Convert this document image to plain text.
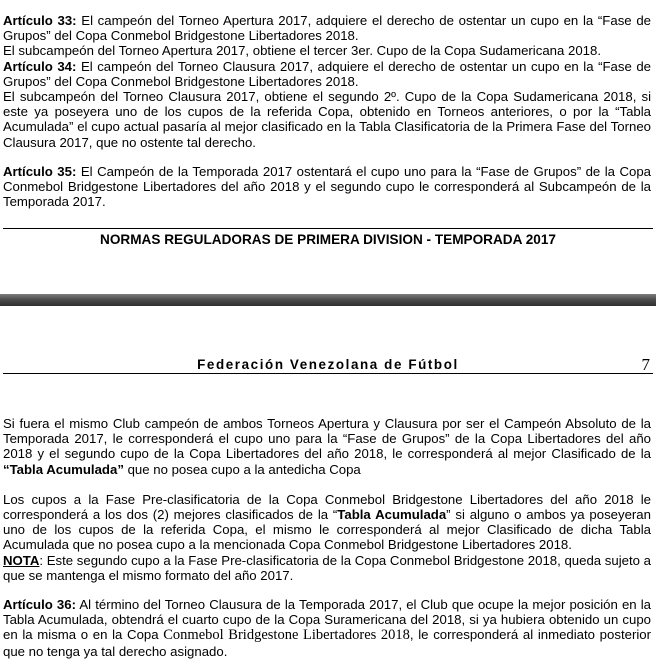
Artículo 33: El campeón del Torneo Apertura 2017, adquiere el derecho de ostentar un cupo en la “Fase de Grupos” del Copa Conmebol Bridgestone Libertadores 2018.

El subcampeón del Torneo Apertura 2017, obtiene el tercer 3er. Cupo de la Copa Sudamericana 2018.

Artículo 34: El campeón del Torneo Clausura 2017, adquiere el derecho de ostentar un cupo en la “Fase de Grupos” del Copa Conmebol Bridgestone Libertadores 2018.

El subcampeón del Torneo Clausura 2017, obtiene el segundo 2º. Cupo de la Copa Sudamericana 2018, si este ya poseyera uno de los cupos de la referida Copa, obtenido en Torneos anteriores, o por la “Tabla Acumulada” el cupo actual pasaría al mejor clasificado en la Tabla Clasificatoria de la Primera Fase del Torneo Clausura 2017, que no ostente tal derecho.

Artículo 35: El Campeón de la Temporada 2017 ostentará el cupo uno para la “Fase de Grupos” de la Copa Conmebol Bridgestone Libertadores del año 2018 y el segundo cupo le corresponderá al Subcampeón de la Temporada 2017.

NORMAS REGULADORAS DE PRIMERA DIVISION - TEMPORADA 2017
Federación Venezolana de Fútbol	7

Si fuera el mismo Club campeón de ambos Torneos Apertura y Clausura por ser el Campeón Absoluto de la Temporada 2017, le corresponderá el cupo uno para la “Fase de Grupos” de la Copa Libertadores del año 2018 y el segundo cupo de la Copa Libertadores del año 2018, le corresponderá al mejor Clasificado de la “Tabla Acumulada” que no posea cupo a la antedicha Copa

Los cupos a la Fase Pre-clasificatoria de la Copa Conmebol Bridgestone Libertadores del año 2018 le corresponderá a los dos (2) mejores clasificados de la “Tabla Acumulada” si alguno o ambos ya poseyeran uno de los cupos de la referida Copa, el mismo le corresponderá al mejor Clasificado de dicha Tabla Acumulada que no posea cupo a la mencionada Copa Conmebol Bridgestone Libertadores 2018.

NOTA: Este segundo cupo a la Fase Pre-clasificatoria de la Copa Conmebol Bridgestone 2018, queda sujeto a que se mantenga el mismo formato del año 2017.

Artículo 36: Al término del Torneo Clausura de la Temporada 2017, el Club que ocupe la mejor posición en la Tabla Acumulada, obtendrá el cuarto cupo de la Copa Suramericana del 2018, si ya hubiera obtenido un cupo en la misma o en la Copa Conmebol Bridgestone Libertadores 2018, le corresponderá al inmediato posterior que no tenga ya tal derecho asignado.
